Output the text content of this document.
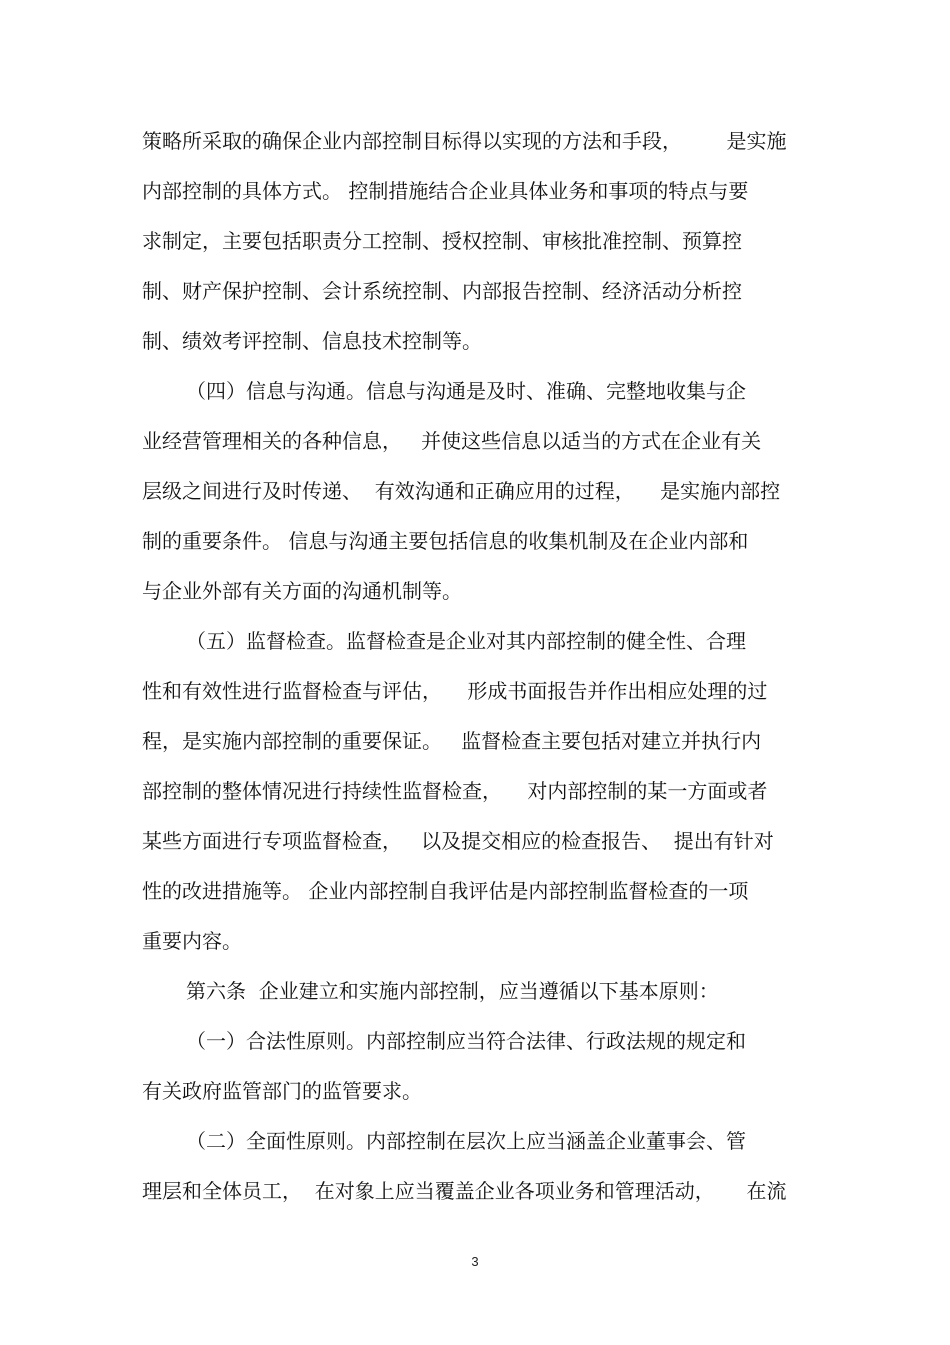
策略所采取的确保企业内部控制目标得以实现的方法和手段，       是实施
内部控制的具体方式。 控制措施结合企业具体业务和事项的特点与要
求制定，主要包括职责分工控制、授权控制、审核批准控制、预算控
制、财产保护控制、会计系统控制、内部报告控制、经济活动分析控
制、绩效考评控制、信息技术控制等。
（四）信息与沟通。信息与沟通是及时、准确、完整地收集与企
业经营管理相关的各种信息，   并使这些信息以适当的方式在企业有关
层级之间进行及时传递、  有效沟通和正确应用的过程，    是实施内部控
制的重要条件。 信息与沟通主要包括信息的收集机制及在企业内部和
与企业外部有关方面的沟通机制等。
（五）监督检查。监督检查是企业对其内部控制的健全性、合理
性和有效性进行监督检查与评估，    形成书面报告并作出相应处理的过
程，是实施内部控制的重要保证。   监督检查主要包括对建立并执行内
部控制的整体情况进行持续性监督检查，    对内部控制的某一方面或者
某些方面进行专项监督检查，   以及提交相应的检查报告、  提出有针对
性的改进措施等。 企业内部控制自我评估是内部控制监督检查的一项
重要内容。
第六条  企业建立和实施内部控制，应当遵循以下基本原则：
（一）合法性原则。内部控制应当符合法律、行政法规的规定和
有关政府监管部门的监管要求。
（二）全面性原则。内部控制在层次上应当涵盖企业董事会、管
理层和全体员工，  在对象上应当覆盖企业各项业务和管理活动，     在流
3
